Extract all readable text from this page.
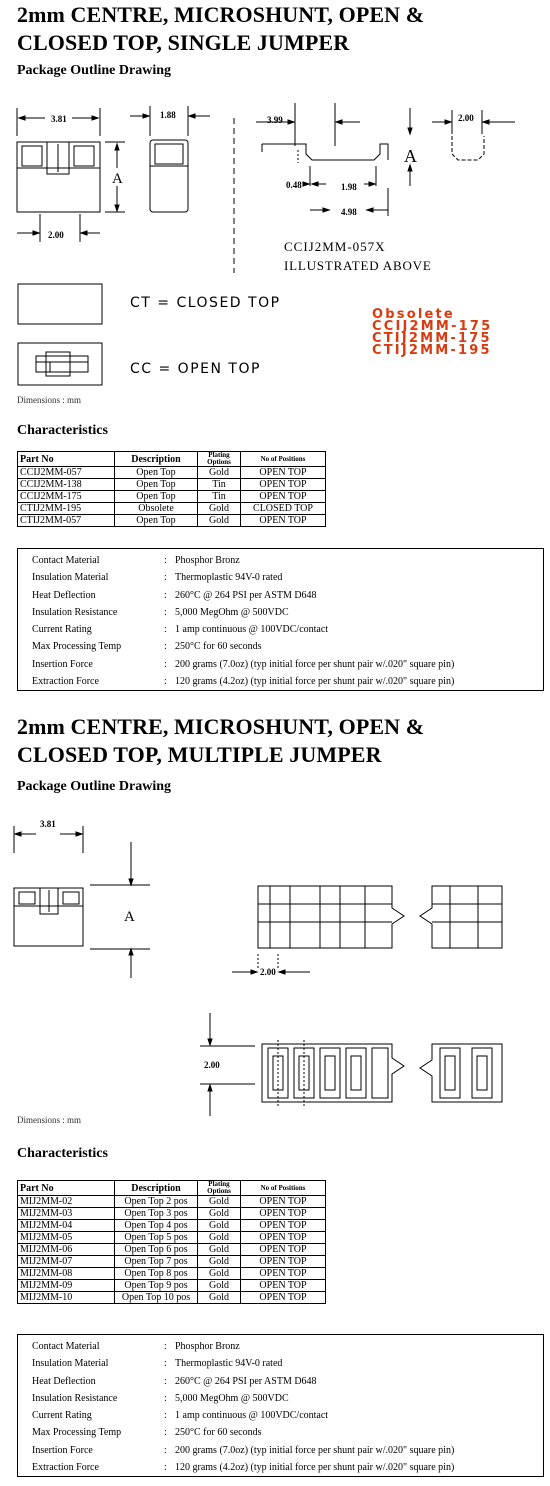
2mm CENTRE, MICROSHUNT, OPEN &
CLOSED TOP, SINGLE JUMPER
Package Outline Drawing
3.81
A
2.00
1.88	3.99
A
0.48	1.98
4.98
2.00
CCIJ2MM-057X
ILLUSTRATED ABOVE
CT = CLOSED TOP
CC = OPEN TOP
Obsolete
CCIJ2MM-175
CTIJ2MM-175
CTIJ2MM-195
Dimensions : mm
Characteristics
Part No	Description	Plating Options	No of Positions
CCIJ2MM-057	Open Top	Gold	OPEN TOP
CCIJ2MM-138	Open Top	Tin	OPEN TOP
CCIJ2MM-175	Open Top	Tin	OPEN TOP
CTIJ2MM-195	Obsolete	Gold	CLOSED TOP
CTIJ2MM-057	Open Top	Gold	OPEN TOP
Contact Material	: Phosphor Bronz
Insulation Material	: Thermoplastic 94V-0 rated
Heat Deflection	: 260°C @ 264 PSI per ASTM D648
Insulation Resistance	: 5,000 MegOhm @ 500VDC
Current Rating	: 1 amp continuous @ 100VDC/contact
Max Processing Temp	: 250°C for 60 seconds
Insertion Force	: 200 grams (7.0oz) (typ initial force per shunt pair w/.020" square pin)
Extraction Force	: 120 grams (4.2oz) (typ initial force per shunt pair w/.020" square pin)
2mm CENTRE, MICROSHUNT, OPEN &
CLOSED TOP, MULTIPLE JUMPER
Package Outline Drawing
3.81
A
2.00
2.00
Dimensions : mm
Characteristics
Part No	Description	Plating Options	No of Positions
MIJ2MM-02	Open Top 2 pos	Gold	OPEN TOP
MIJ2MM-03	Open Top 3 pos	Gold	OPEN TOP
MIJ2MM-04	Open Top 4 pos	Gold	OPEN TOP
MIJ2MM-05	Open Top 5 pos	Gold	OPEN TOP
MIJ2MM-06	Open Top 6 pos	Gold	OPEN TOP
MIJ2MM-07	Open Top 7 pos	Gold	OPEN TOP
MIJ2MM-08	Open Top 8 pos	Gold	OPEN TOP
MIJ2MM-09	Open Top 9 pos	Gold	OPEN TOP
MIJ2MM-10	Open Top 10 pos	Gold	OPEN TOP
Contact Material	: Phosphor Bronz
Insulation Material	: Thermoplastic 94V-0 rated
Heat Deflection	: 260°C @ 264 PSI per ASTM D648
Insulation Resistance	: 5,000 MegOhm @ 500VDC
Current Rating	: 1 amp continuous @ 100VDC/contact
Max Processing Temp	: 250°C for 60 seconds
Insertion Force	: 200 grams (7.0oz) (typ initial force per shunt pair w/.020" square pin)
Extraction Force	: 120 grams (4.2oz) (typ initial force per shunt pair w/.020" square pin)
